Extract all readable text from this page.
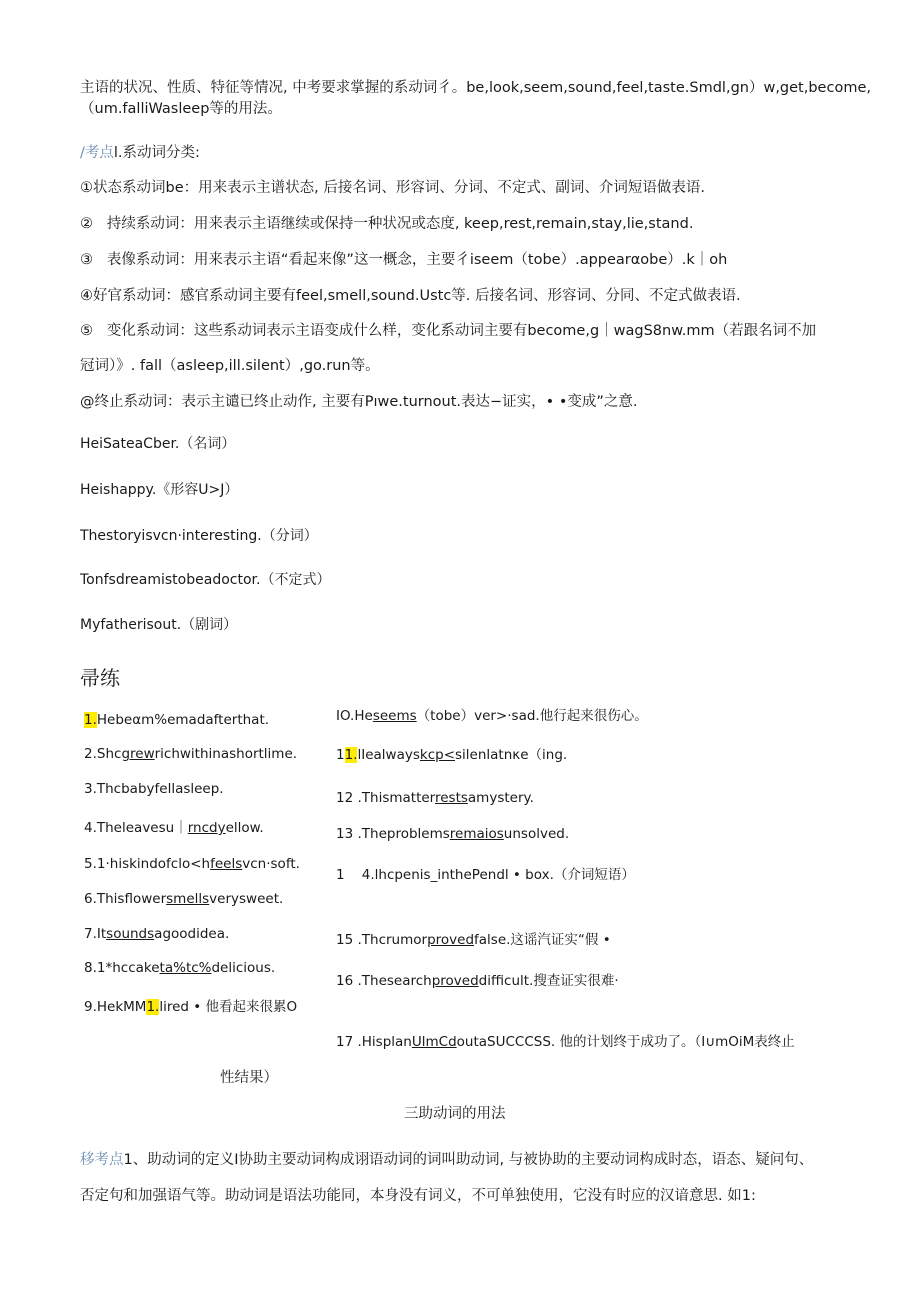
主语的状况、性质、特征等情况, 中考要求掌握的系动词彳。be,look,seem,sound,feel,taste.Smdl,gn）w,get,become,
（um.falliWasleep等的用法。
/考点l.系动词分类:
①状态系动词be：用来表示主谱状态, 后接名词、形容词、分词、不定式、副词、介词短语做表语.
②   持续系动词：用来表示主语继续或保持一种状况或态度, keep,rest,remain,stay,lie,stand.
③   表像系动词：用来表示主语“看起来像”这一概念，主要彳iseem（tobe）.appearαobe）.k｜oh
④好官系动词：感官系动词主要有feel,smell,sound.Ustc等. 后接名词、形容词、分同、不定式做表语.
⑤   变化系动词：这些系动词表示主语变成什么样，变化系动词主要有become,g｜wagS8nw.mm（若跟名词不加
冠词）》. fall（asleep,ill.silent）,go.run等。
@终止系动词：表示主谴已终止动作, 主要有Pıwe.turnout.表达−证实，• •变成”之意.
HeiSateaCber.（名词）
Heishappy.《形容U>J）
Thestoryisvcn·interesting.（分词）
Tonfsdreamistobeadoctor.（不定式）
Myfatherisout.（剧词）
帚练
1.Hebeαm%emadafterthat.
2.Shcgrewrichwithinashortlime.
3.Thcbabyfellasleep.
4.Theleavesu｜rncdyellow.
5.1·hiskindofclo<hfeelsvcn·soft.
6.Thisflowersmellsverysweet.
7.Itsoundsagoodidea.
8.1*hccaketa%tc%delicious.
9.HekMM1.lired • 他看起来很累O
IO.Heseems（tobe）ver>·sad.他行起来很伤心。
11.lIealwayskcp<silenlatnκe（ing.
12 .Thismatterrestsamystery.
13 .Theproblemsremaiosunsolved.
1    4.lhcpenis_inthePendl • box.（介词短语）
15 .Thcrumorprovedfalse.这谣汽证实“假 •
16 .Thesearchproveddifficult.搜查证实很难·
17 .HisplanUlmCdoutaSUCCCSS. 他的计划终于成功了。（I∪mOiM表终止
性结果）
三助动词的用法
移考点1、助动词的定义I协助主要动词构成诩语动词的词叫助动词, 与被协助的主要动词构成时态，语态、疑问句、
否定句和加强语气等。助动词是语法功能同，本身没有词义，不可单独使用，它没有时应的汉谙意思. 如1:
